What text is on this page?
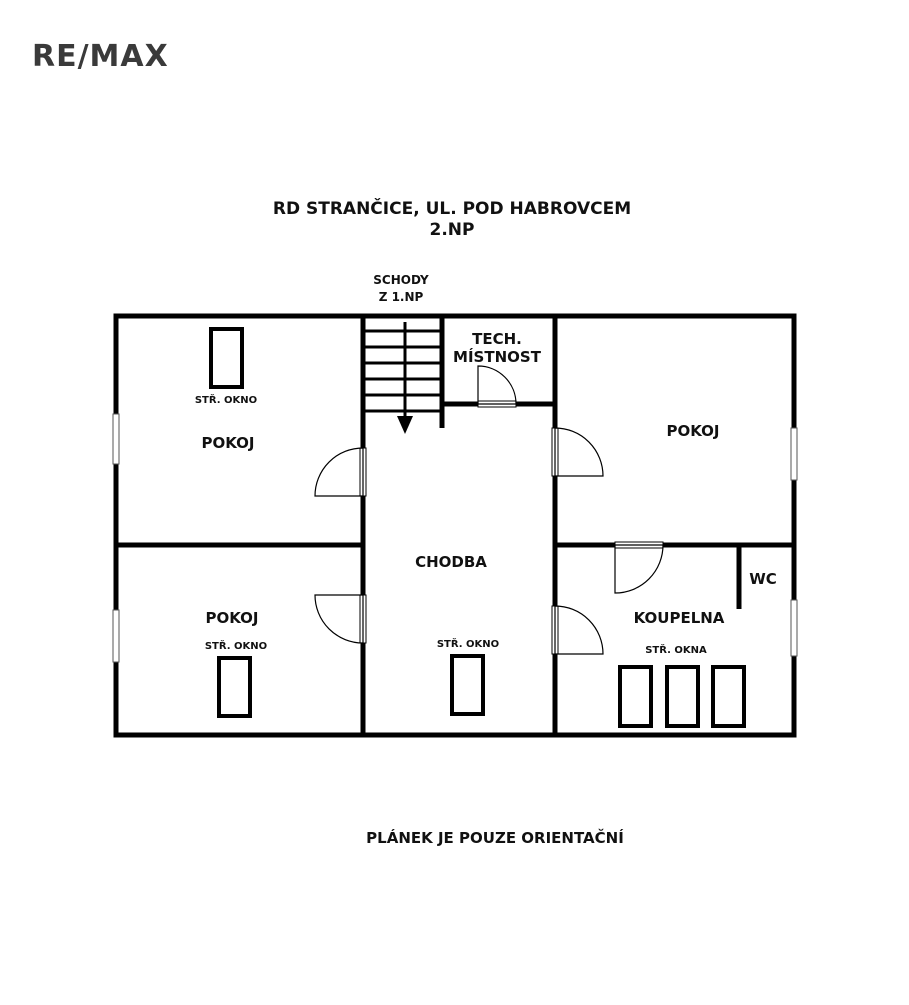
RE/MAX
RD STRANČICE, UL. POD HABROVCEM
2.NP
SCHODY
Z 1.NP
STŘ. OKNO
STŘ. OKNO	STŘ. OKNO
STŘ. OKNA
POKOJ
POKOJ
POKOJ
CHODBA
KOUPELNA
WC
TECH.
MÍSTNOST
PLÁNEK JE POUZE ORIENTAČNÍ
